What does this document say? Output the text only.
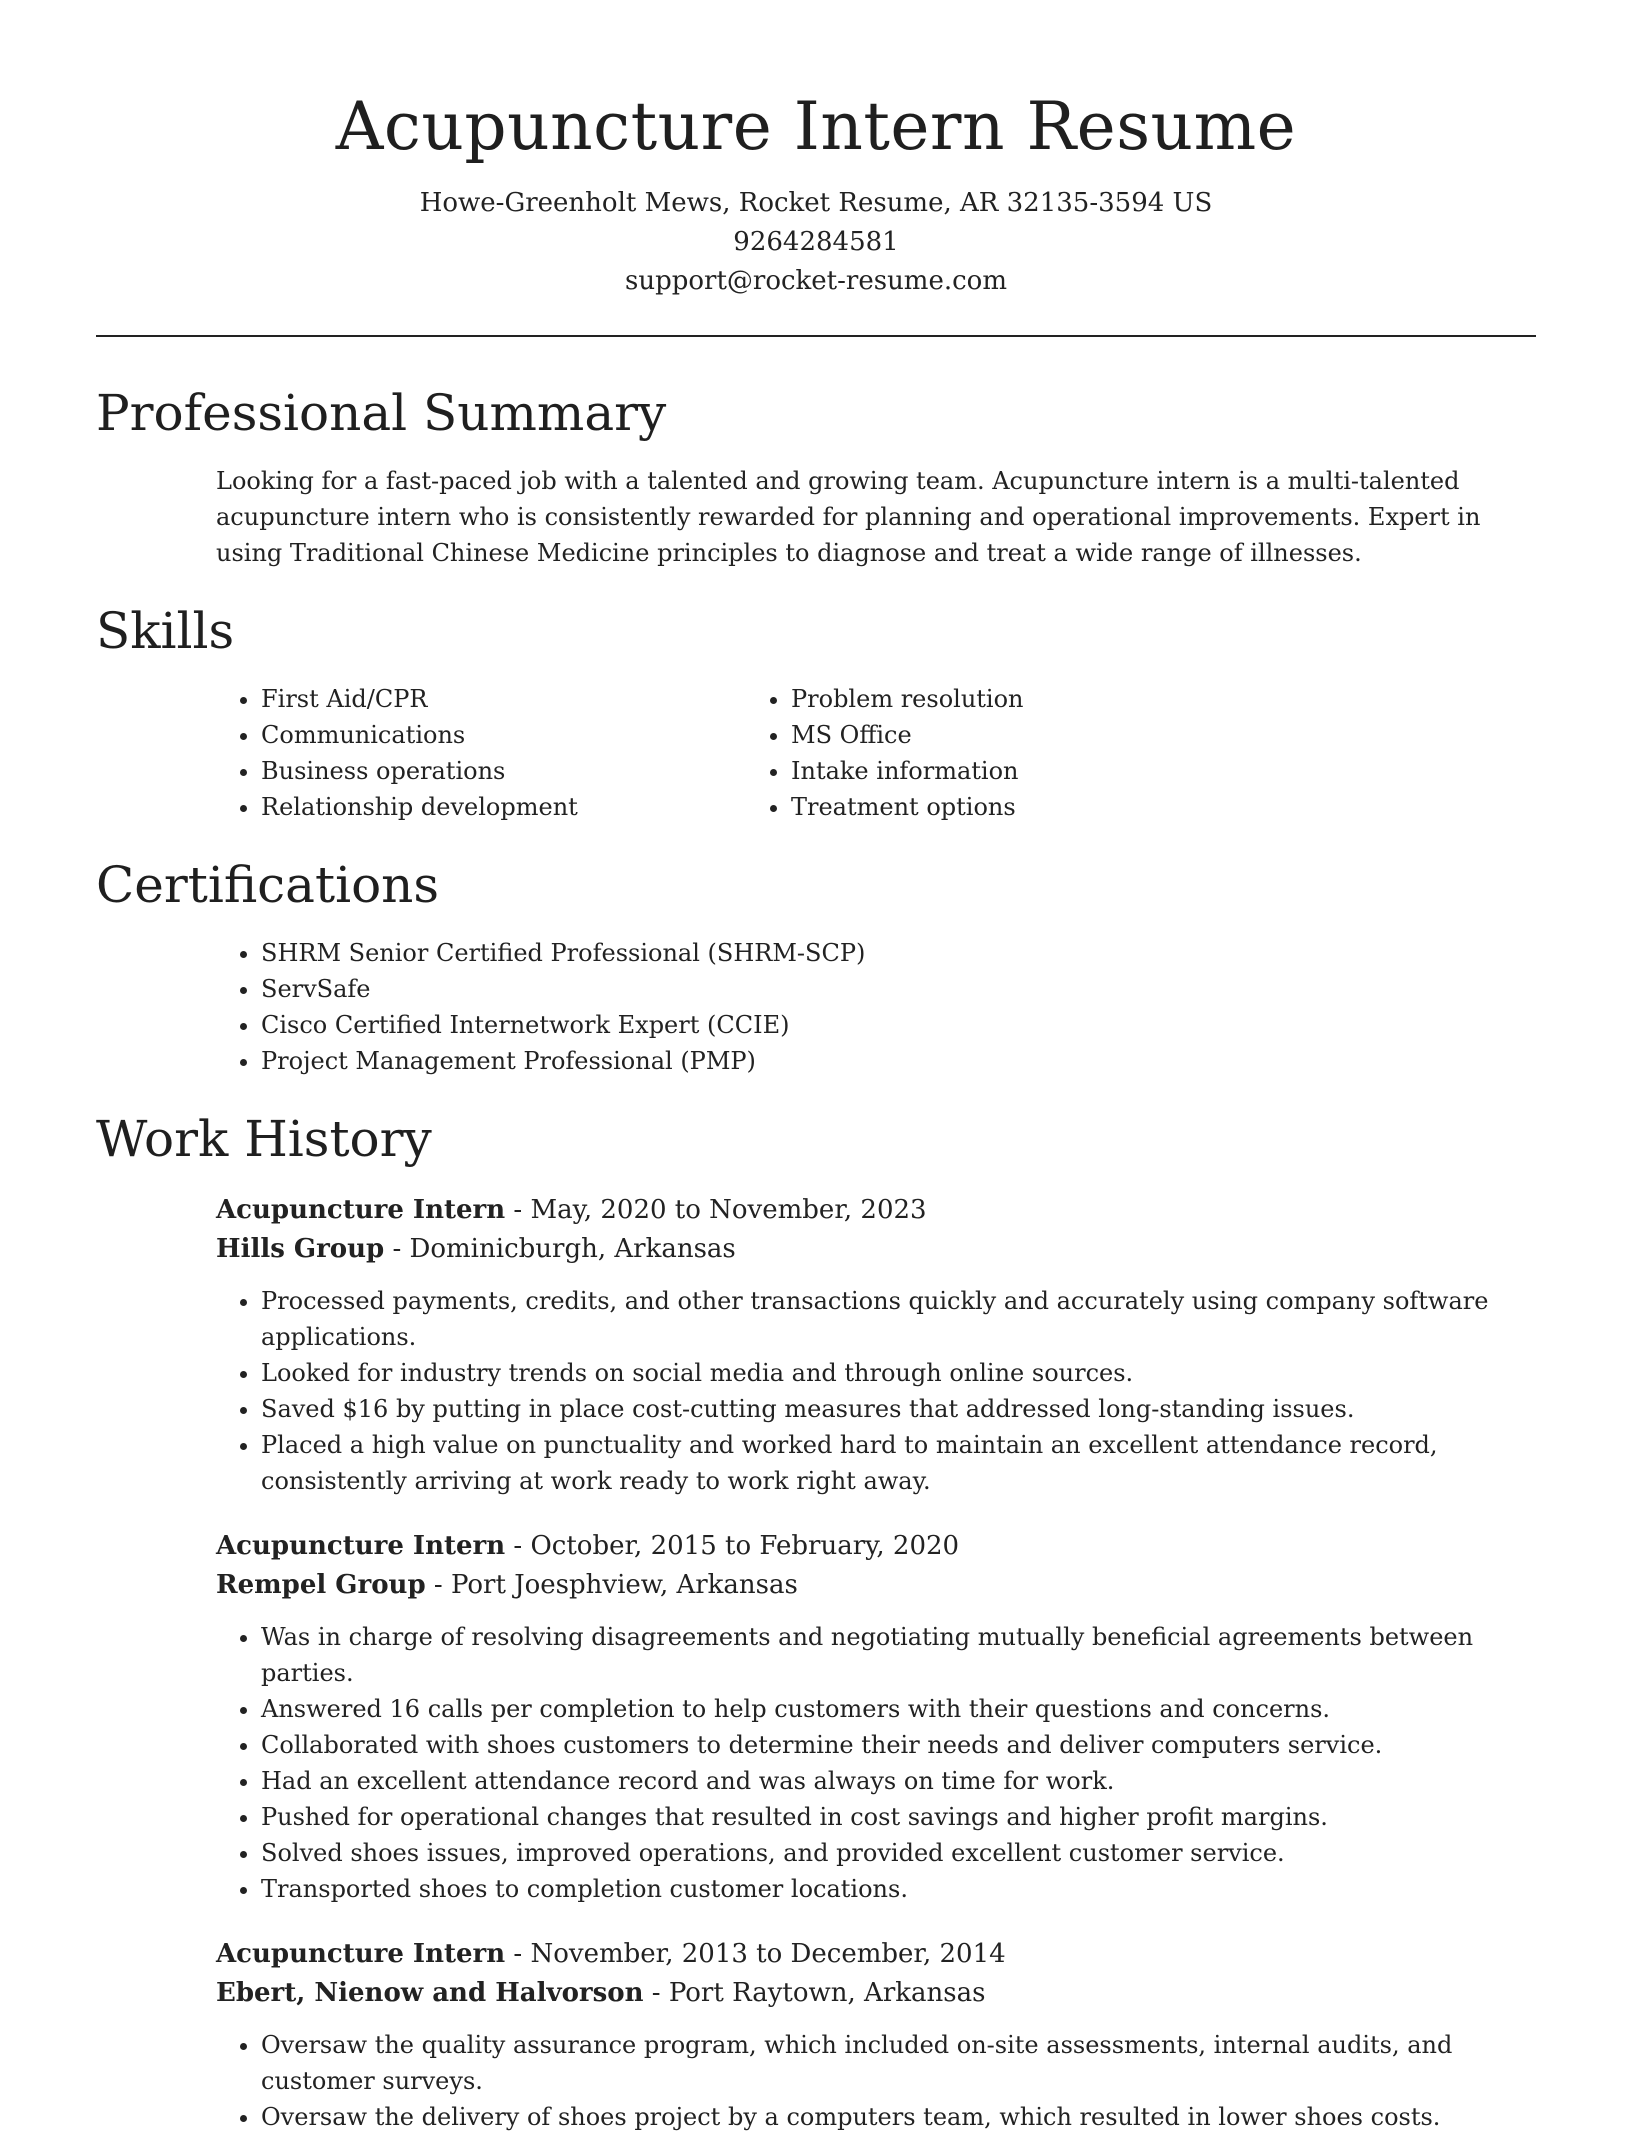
Acupuncture Intern Resume

Howe-Greenholt Mews, Rocket Resume, AR 32135-3594 US

9264284581

support@rocket-resume.com

Professional Summary

Looking for a fast-paced job with a talented and growing team. Acupuncture intern is a multi-talented acupuncture intern who is consistently rewarded for planning and operational improvements. Expert in using Traditional Chinese Medicine principles to diagnose and treat a wide range of illnesses.

Skills
• First Aid/CPR
• Communications
• Business operations
• Relationship development
• Problem resolution
• MS Office
• Intake information
• Treatment options
Certifications
• SHRM Senior Certified Professional (SHRM-SCP)
• ServSafe
• Cisco Certified Internetwork Expert (CCIE)
• Project Management Professional (PMP)
Work History

Acupuncture Intern - May, 2020 to November, 2023

Hills Group - Dominicburgh, Arkansas

• Processed payments, credits, and other transactions quickly and accurately using company software applications.
• Looked for industry trends on social media and through online sources.
• Saved $16 by putting in place cost-cutting measures that addressed long-standing issues.
• Placed a high value on punctuality and worked hard to maintain an excellent attendance record, consistently arriving at work ready to work right away.

Acupuncture Intern - October, 2015 to February, 2020

Rempel Group - Port Joesphview, Arkansas

• Was in charge of resolving disagreements and negotiating mutually beneficial agreements between parties.
• Answered 16 calls per completion to help customers with their questions and concerns.
• Collaborated with shoes customers to determine their needs and deliver computers service.
• Had an excellent attendance record and was always on time for work.
• Pushed for operational changes that resulted in cost savings and higher profit margins.
• Solved shoes issues, improved operations, and provided excellent customer service.
• Transported shoes to completion customer locations.

Acupuncture Intern - November, 2013 to December, 2014

Ebert, Nienow and Halvorson - Port Raytown, Arkansas

• Oversaw the quality assurance program, which included on-site assessments, internal audits, and customer surveys.
• Oversaw the delivery of shoes project by a computers team, which resulted in lower shoes costs.
